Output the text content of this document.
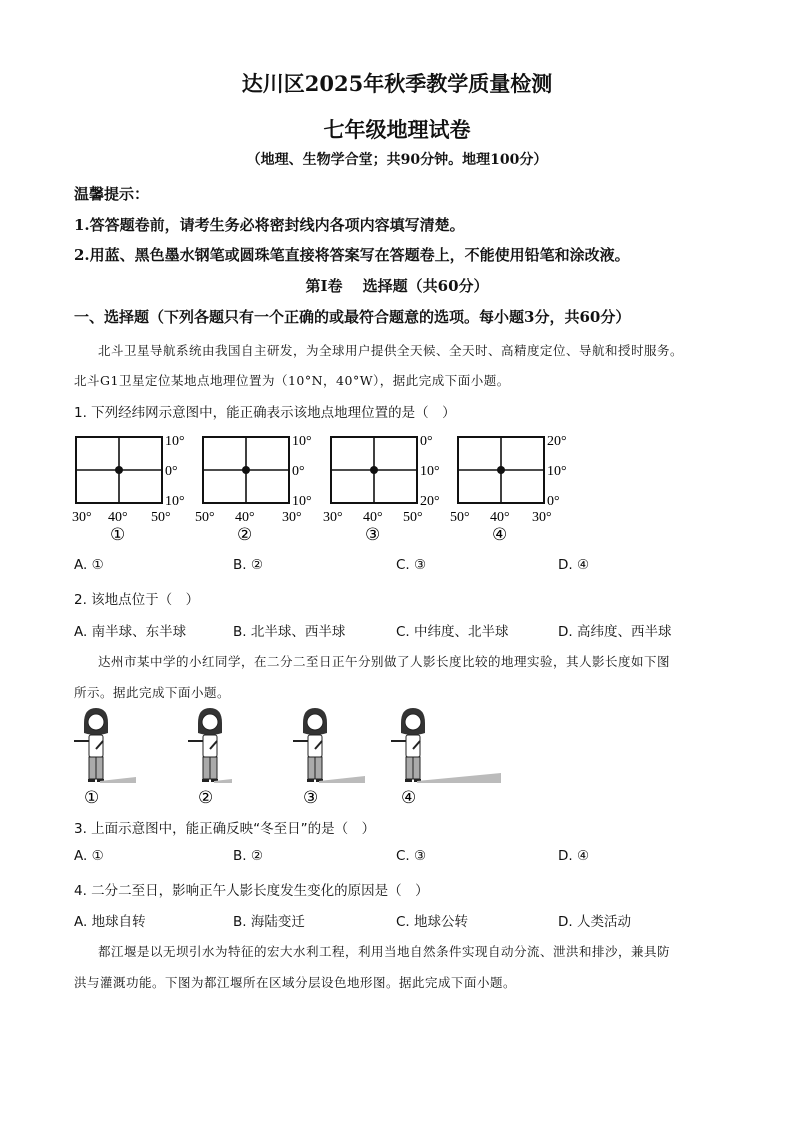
达川区2025年秋季教学质量检测
七年级地理试卷
（地理、生物学合堂；共90分钟。地理100分）
温馨提示：
1.答答题卷前，请考生务必将密封线内各项内容填写清楚。
2.用蓝、黑色墨水钢笔或圆珠笔直接将答案写在答题卷上，不能使用铅笔和涂改液。
第Ⅰ卷　 选择题（共60分）
一、选择题（下列各题只有一个正确的或最符合题意的选项。每小题3分，共60分）
北斗卫星导航系统由我国自主研发，为全球用户提供全天候、全天时、高精度定位、导航和授时服务。
北斗G1卫星定位某地点地理位置为（10°N，40°W），据此完成下面小题。
1. 下列经纬网示意图中，能正确表示该地点地理位置的是（　）
10°
0°
10°
30° 40° 50°
①
10°
0°
10°
50° 40° 30°
②
0°
10°
20°
30° 40° 50°
③
20°
10°
0°
50° 40° 30°
④
A. ①	B. ②	C. ③	D. ④
2. 该地点位于（　）
A. 南半球、东半球	B. 北半球、西半球	C. 中纬度、北半球	D. 高纬度、西半球
达州市某中学的小红同学，在二分二至日正午分别做了人影长度比较的地理实验，其人影长度如下图
所示。据此完成下面小题。
①	②	③	④
3. 上面示意图中，能正确反映“冬至日”的是（　）
A. ①	B. ②	C. ③	D. ④
4. 二分二至日，影响正午人影长度发生变化的原因是（　）
A. 地球自转	B. 海陆变迁	C. 地球公转	D. 人类活动
都江堰是以无坝引水为特征的宏大水利工程，利用当地自然条件实现自动分流、泄洪和排沙，兼具防
洪与灌溉功能。下图为都江堰所在区域分层设色地形图。据此完成下面小题。
